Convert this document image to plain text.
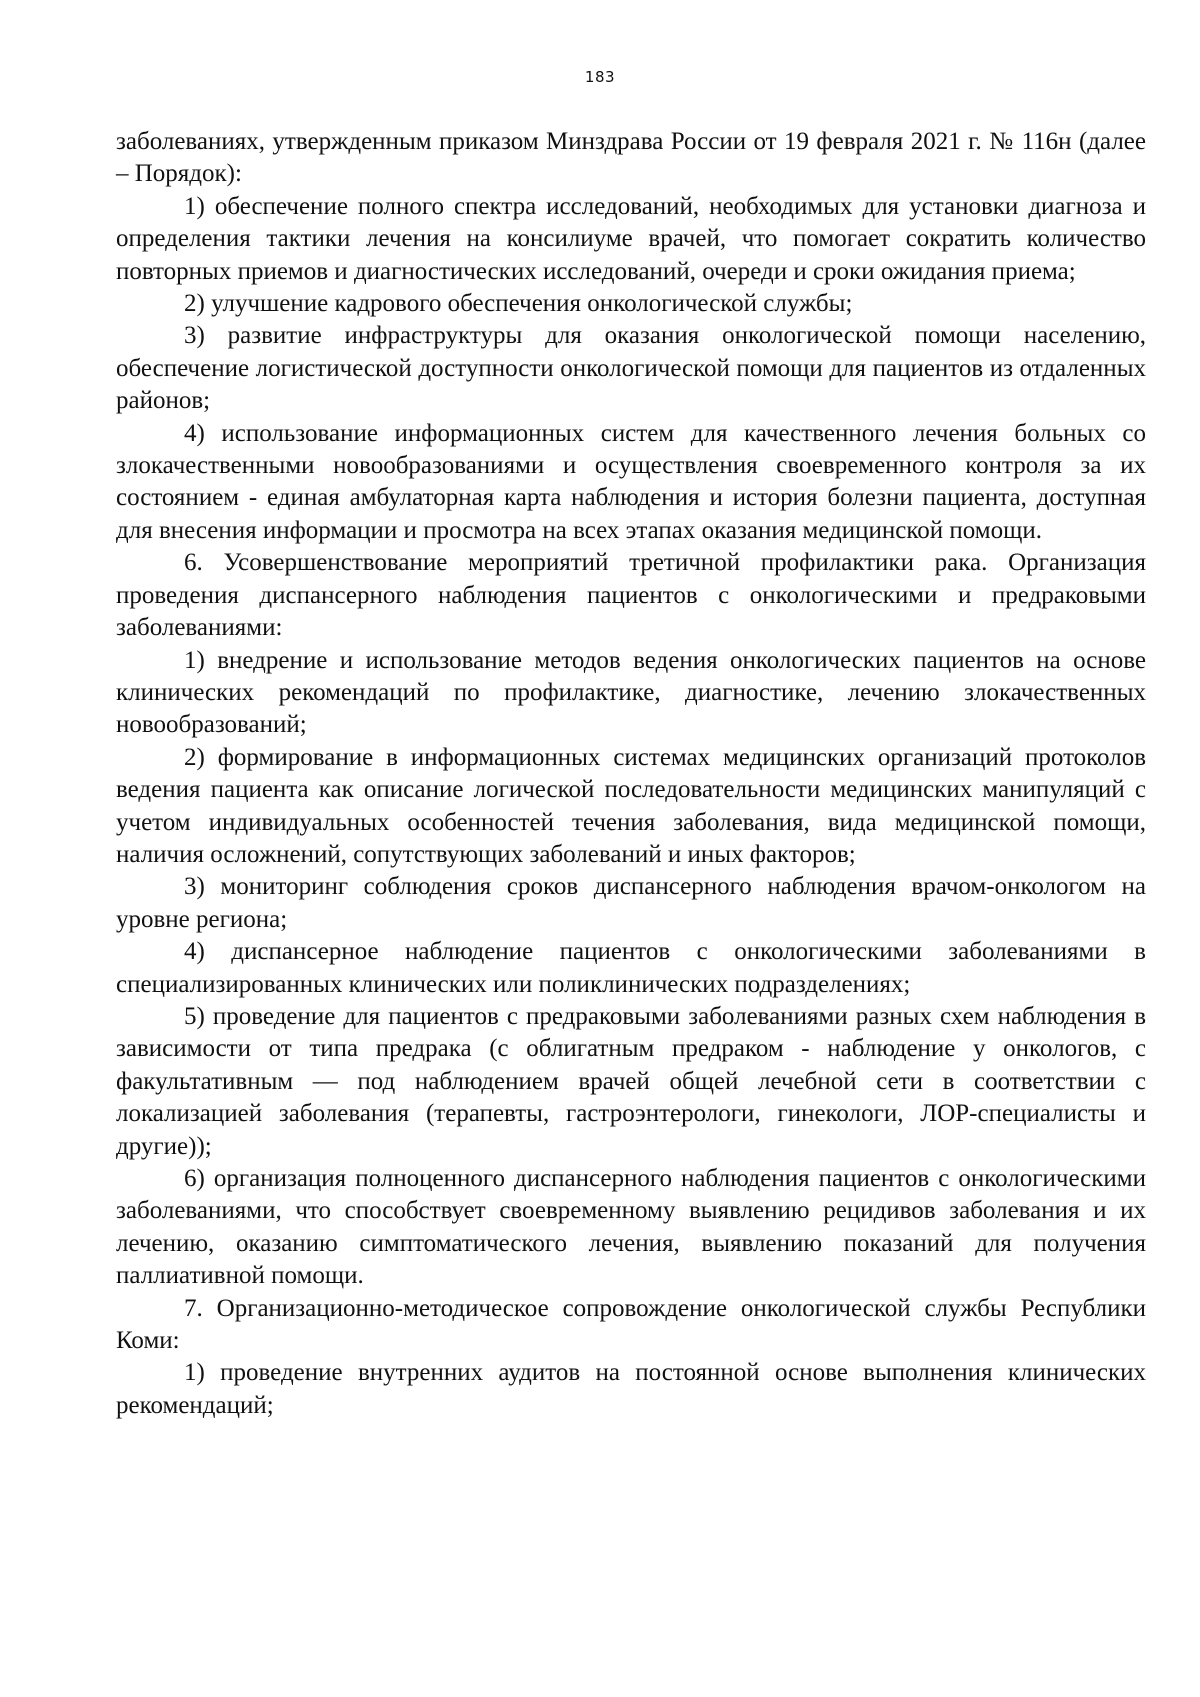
183

заболеваниях, утвержденным приказом Минздрава России от 19 февраля 2021 г. № 116н (далее – Порядок):

1) обеспечение полного спектра исследований, необходимых для установки диагноза и определения тактики лечения на консилиуме врачей, что помогает сократить количество повторных приемов и диагностических исследований, очереди и сроки ожидания приема;

2) улучшение кадрового обеспечения онкологической службы;

3) развитие инфраструктуры для оказания онкологической помощи населению, обеспечение логистической доступности онкологической помощи для пациентов из отдаленных районов;

4) использование информационных систем для качественного лечения больных со злокачественными новообразованиями и осуществления своевременного контроля за их состоянием - единая амбулаторная карта наблюдения и история болезни пациента, доступная для внесения информации и просмотра на всех этапах оказания медицинской помощи.

6. Усовершенствование мероприятий третичной профилактики рака. Организация проведения диспансерного наблюдения пациентов с онкологическими и предраковыми заболеваниями:

1) внедрение и использование методов ведения онкологических пациентов на основе клинических рекомендаций по профилактике, диагностике, лечению злокачественных новообразований;

2) формирование в информационных системах медицинских организаций протоколов ведения пациента как описание логической последовательности медицинских манипуляций с учетом индивидуальных особенностей течения заболевания, вида медицинской помощи, наличия осложнений, сопутствующих заболеваний и иных факторов;

3) мониторинг соблюдения сроков диспансерного наблюдения врачом-онкологом на уровне региона;

4) диспансерное наблюдение пациентов с онкологическими заболеваниями в специализированных клинических или поликлинических подразделениях;

5) проведение для пациентов с предраковыми заболеваниями разных схем наблюдения в зависимости от типа предрака (с облигатным предраком - наблюдение у онкологов, с факультативным — под наблюдением врачей общей лечебной сети в соответствии с локализацией заболевания (терапевты, гастроэнтерологи, гинекологи, ЛОР-специалисты и другие));

6) организация полноценного диспансерного наблюдения пациентов с онкологическими заболеваниями, что способствует своевременному выявлению рецидивов заболевания и их лечению, оказанию симптоматического лечения, выявлению показаний для получения паллиативной помощи.

7. Организационно-методическое сопровождение онкологической службы Республики Коми:

1) проведение внутренних аудитов на постоянной основе выполнения клинических рекомендаций;
